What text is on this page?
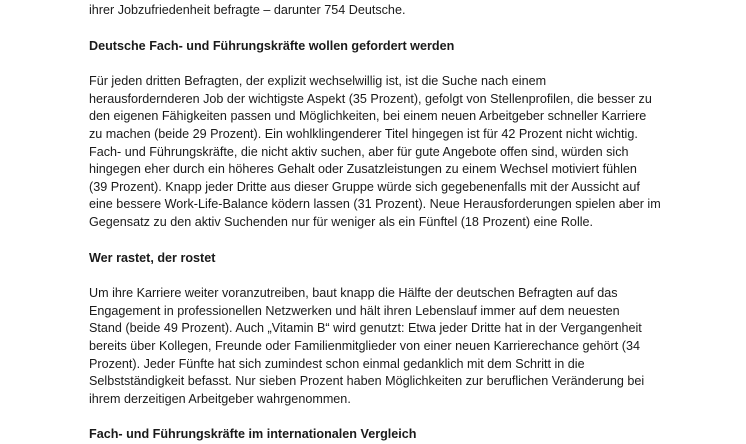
ihrer Jobzufriedenheit befragte – darunter 754 Deutsche.
Deutsche Fach- und Führungskräfte wollen gefordert werden
Für jeden dritten Befragten, der explizit wechselwillig ist, ist die Suche nach einem
herausfordernderen Job der wichtigste Aspekt (35 Prozent), gefolgt von Stellenprofilen, die besser zu
den eigenen Fähigkeiten passen und Möglichkeiten, bei einem neuen Arbeitgeber schneller Karriere
zu machen (beide 29 Prozent). Ein wohlklingenderer Titel hingegen ist für 42 Prozent nicht wichtig.
Fach- und Führungskräfte, die nicht aktiv suchen, aber für gute Angebote offen sind, würden sich
hingegen eher durch ein höheres Gehalt oder Zusatzleistungen zu einem Wechsel motiviert fühlen
(39 Prozent). Knapp jeder Dritte aus dieser Gruppe würde sich gegebenenfalls mit der Aussicht auf
eine bessere Work-Life-Balance ködern lassen (31 Prozent). Neue Herausforderungen spielen aber im
Gegensatz zu den aktiv Suchenden nur für weniger als ein Fünftel (18 Prozent) eine Rolle.
Wer rastet, der rostet
Um ihre Karriere weiter voranzutreiben, baut knapp die Hälfte der deutschen Befragten auf das
Engagement in professionellen Netzwerken und hält ihren Lebenslauf immer auf dem neuesten
Stand (beide 49 Prozent). Auch „Vitamin B“ wird genutzt: Etwa jeder Dritte hat in der Vergangenheit
bereits über Kollegen, Freunde oder Familienmitglieder von einer neuen Karrierechance gehört (34
Prozent). Jeder Fünfte hat sich zumindest schon einmal gedanklich mit dem Schritt in die
Selbstständigkeit befasst. Nur sieben Prozent haben Möglichkeiten zur beruflichen Veränderung bei
ihrem derzeitigen Arbeitgeber wahrgenommen.
Fach- und Führungskräfte im internationalen Vergleich
